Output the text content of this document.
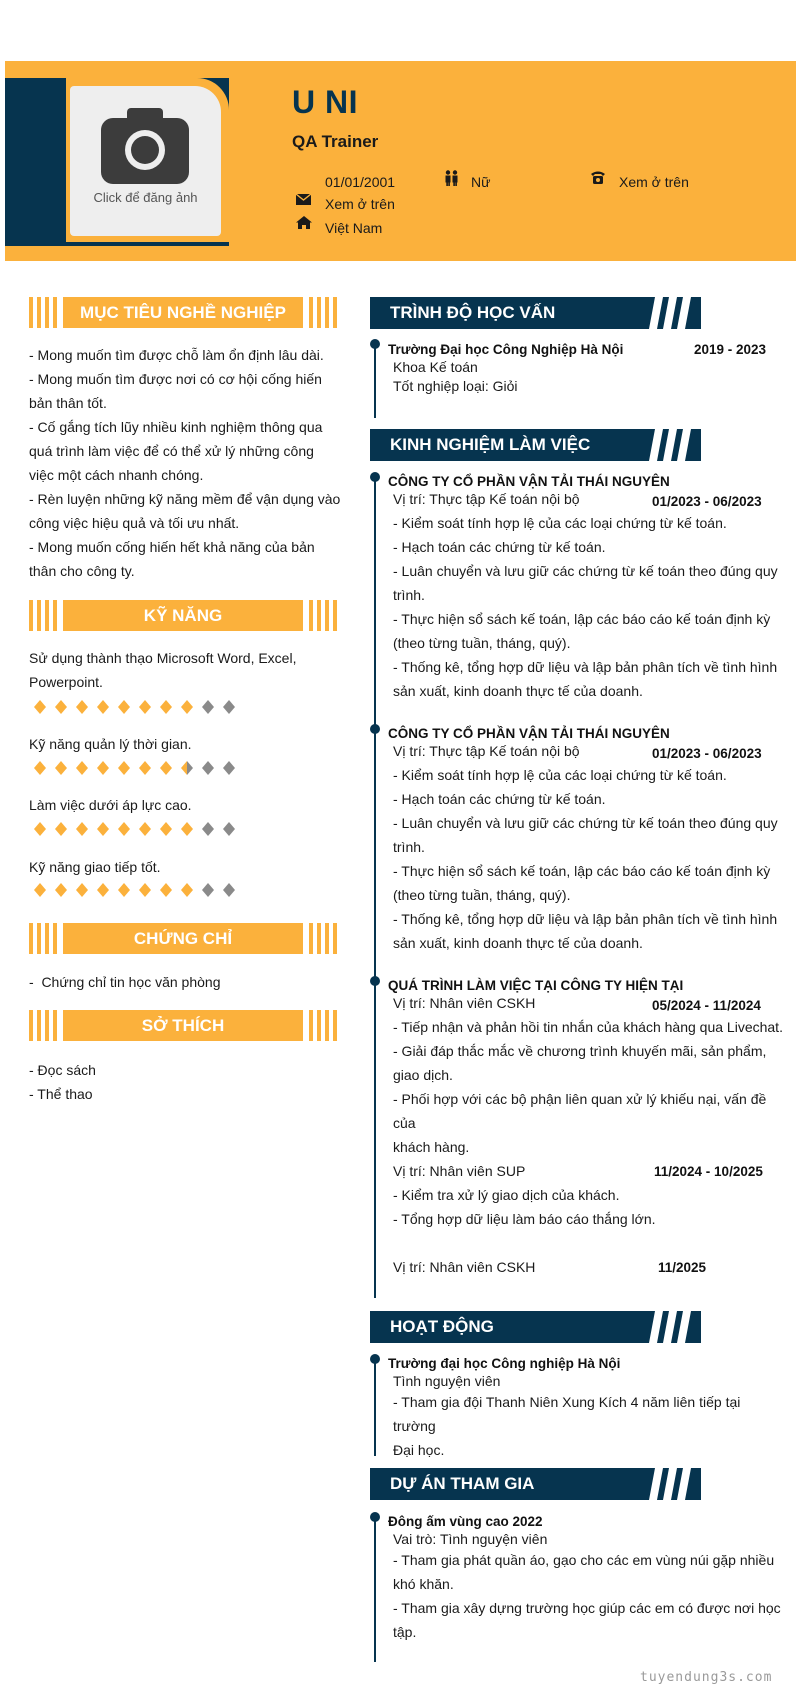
Click để đăng ảnh
U NI
QA Trainer
01/01/2001	Nữ	Xem ở trên
Xem ở trên
Việt Nam
MỤC TIÊU NGHỀ NGHIỆP
- Mong muốn tìm được chỗ làm ổn định lâu dài.
- Mong muốn tìm được nơi có cơ hội cống hiến
bản thân tốt.
- Cố gắng tích lũy nhiều kinh nghiệm thông qua
quá trình làm việc để có thể xử lý những công
việc một cách nhanh chóng.
- Rèn luyện những kỹ năng mềm để vận dụng vào
công việc hiệu quả và tối ưu nhất.
- Mong muốn cống hiến hết khả năng của bản
thân cho công ty.
KỸ NĂNG
Sử dụng thành thạo Microsoft Word, Excel,
Powerpoint.
Kỹ năng quản lý thời gian.
Làm việc dưới áp lực cao.
Kỹ năng giao tiếp tốt.
CHỨNG CHỈ
-  Chứng chỉ tin học văn phòng
SỞ THÍCH
- Đọc sách
- Thể thao
TRÌNH ĐỘ HỌC VẤN
Trường Đại học Công Nghiệp Hà Nội	2019 - 2023
Khoa Kế toán
Tốt nghiệp loại: Giỏi
KINH NGHIỆM LÀM VIỆC
CÔNG TY CỔ PHẦN VẬN TẢI THÁI NGUYÊN
Vị trí: Thực tập Kế toán nội bộ	01/2023 - 06/2023
- Kiểm soát tính hợp lệ của các loại chứng từ kế toán.
- Hạch toán các chứng từ kế toán.
- Luân chuyển và lưu giữ các chứng từ kế toán theo đúng quy
trình.
- Thực hiện sổ sách kế toán, lập các báo cáo kế toán định kỳ
(theo từng tuần, tháng, quý).
- Thống kê, tổng hợp dữ liệu và lập bản phân tích về tình hình
sản xuất, kinh doanh thực tế của doanh.
CÔNG TY CỔ PHẦN VẬN TẢI THÁI NGUYÊN
Vị trí: Thực tập Kế toán nội bộ	01/2023 - 06/2023
- Kiểm soát tính hợp lệ của các loại chứng từ kế toán.
- Hạch toán các chứng từ kế toán.
- Luân chuyển và lưu giữ các chứng từ kế toán theo đúng quy
trình.
- Thực hiện sổ sách kế toán, lập các báo cáo kế toán định kỳ
(theo từng tuần, tháng, quý).
- Thống kê, tổng hợp dữ liệu và lập bản phân tích về tình hình
sản xuất, kinh doanh thực tế của doanh.
QUÁ TRÌNH LÀM VIỆC TẠI CÔNG TY HIỆN TẠI
Vị trí: Nhân viên CSKH	05/2024 - 11/2024
- Tiếp nhận và phản hồi tin nhắn của khách hàng qua Livechat.
- Giải đáp thắc mắc về chương trình khuyến mãi, sản phẩm,
giao dịch.
- Phối hợp với các bộ phận liên quan xử lý khiếu nại, vấn đề của
khách hàng.
Vị trí: Nhân viên SUP	11/2024 - 10/2025
- Kiểm tra xử lý giao dịch của khách.
- Tổng hợp dữ liệu làm báo cáo thắng lớn.
Vị trí: Nhân viên CSKH	11/2025
HOẠT ĐỘNG
Trường đại học Công nghiệp Hà Nội
Tình nguyện viên
- Tham gia đội Thanh Niên Xung Kích 4 năm liên tiếp tại trường
Đại học.
DỰ ÁN THAM GIA
Đông ấm vùng cao 2022
Vai trò: Tình nguyện viên
- Tham gia phát quần áo, gạo cho các em vùng núi gặp nhiều
khó khăn.
- Tham gia xây dựng trường học giúp các em có được nơi học
tập.
tuyendung3s.com
